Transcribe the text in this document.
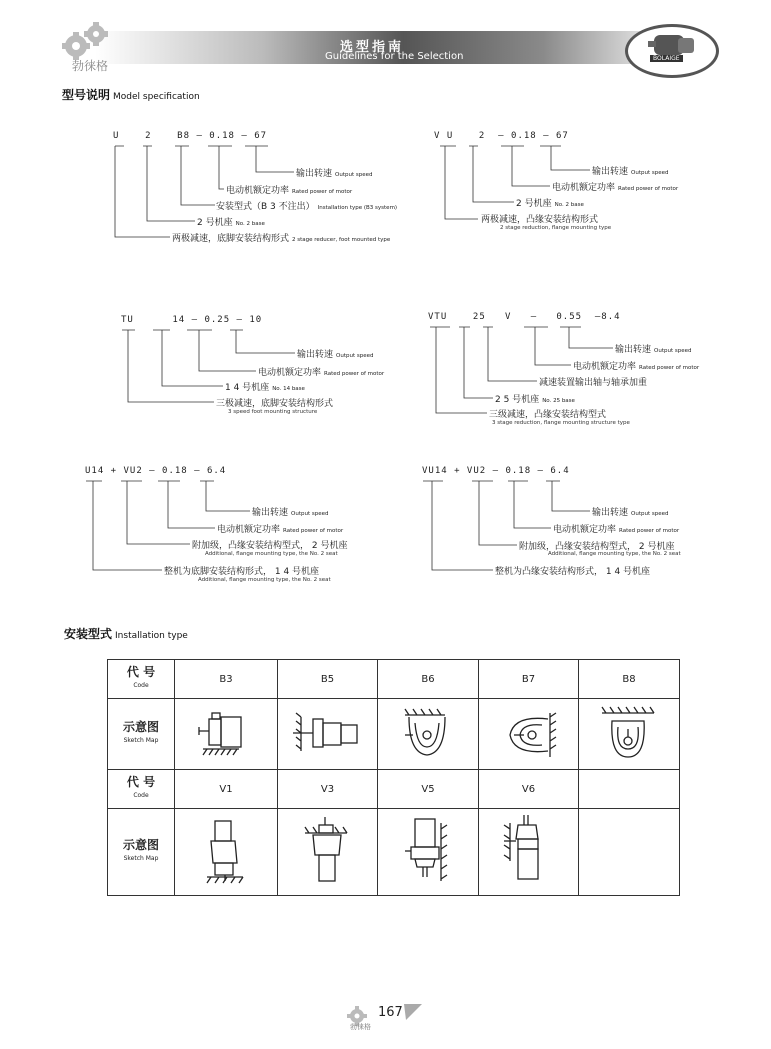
勃徕格
选型指南
Guidelines for the Selection	BOLAIGE
型号说明 Model specification
U    2    B8 — 0.18 — 67
输出转速 Output speed
电动机额定功率 Rated power of motor
安装型式（B 3 不注出） Installation type (B3 system)
2 号机座 No. 2 base
两极减速，底脚安装结构形式 2 stage reducer, foot mounted type
V U    2  — 0.18 — 67
输出转速 Output speed
电动机额定功率 Rated power of motor
2 号机座 No. 2 base
两极减速，凸缘安装结构形式
2 stage reduction, flange mounting type
TU      14 — 0.25 — 10
输出转速 Output speed
电动机额定功率 Rated power of motor
1 4 号机座 No. 14 base
三极减速，底脚安装结构形式
3 speed foot mounting structure
VTU    25   V   —   0.55  —8.4
输出转速 Output speed
电动机额定功率 Rated power of motor
减速装置输出轴与轴承加重
2 5 号机座 No. 25 base
三级减速，凸缘安装结构型式
3 stage reduction, flange mounting structure type
U14 + VU2 — 0.18 — 6.4
输出转速 Output speed
电动机额定功率 Rated power of motor
附加级，凸缘安装结构型式， 2 号机座
Additional, flange mounting type, the No. 2 seat
整机为底脚安装结构形式， 1 4 号机座
Additional, flange mounting type, the No. 2 seat
VU14 + VU2 — 0.18 — 6.4
输出转速 Output speed
电动机额定功率 Rated power of motor
附加级，凸缘安装结构型式， 2 号机座
Additional, flange mounting type, the No. 2 seat
整机为凸缘安装结构形式， 1 4 号机座
安装型式 Installation type
代 号
Code	B3	B5	B6	B7	B8

示意图
Sketch Map

代 号
Code	V1	V3	V5	V6	

示意图
Sketch Map

167
勃徕格
